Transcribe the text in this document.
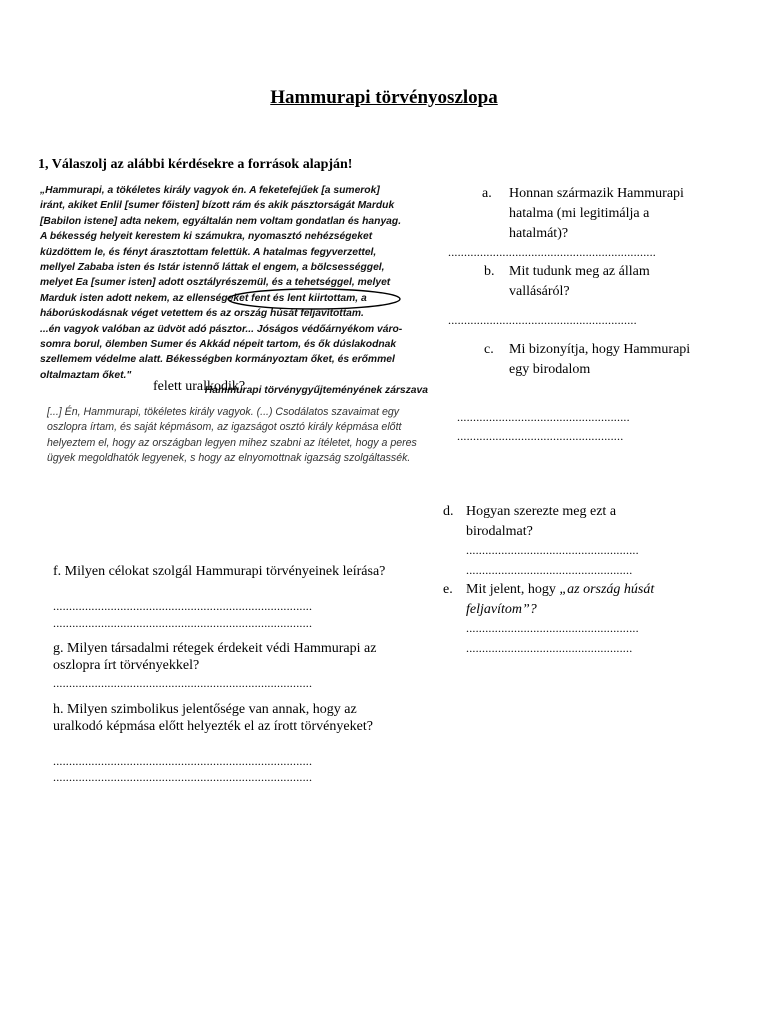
Hammurapi törvényoszlopa
1, Válaszolj az alábbi kérdésekre a források alapján!
„Hammurapi, a tökéletes király vagyok én. A feketefejűek [a sumerok]
iránt, akiket Enlil [sumer főisten] bízott rám és akik pásztorságát Marduk
[Babilon istene] adta nekem, egyáltalán nem voltam gondatlan és hanyag.
A békesség helyeit kerestem ki számukra, nyomasztó nehézségeket
küzdöttem le, és fényt árasztottam felettük. A hatalmas fegyverzettel,
mellyel Zababa isten és Istár istennő láttak el engem, a bölcsességgel,
melyet Ea [sumer isten] adott osztályrészemül, és a tehetséggel, melyet
Marduk isten adott nekem, az ellenségeket fent és lent kiirtottam, a
háborúskodásnak véget vetettem és az ország húsát feljavítottam.
...én vagyok valóban az üdvöt adó pásztor... Jóságos védőárnyékom váro-
somra borul, ölemben Sumer és Akkád népeit tartom, és ők dúslakodnak
szellemem védelme alatt. Békességben kormányoztam őket, és erőmmel
oltalmaztam őket."
Hammurapi törvénygyűjteményének zárszava
felett uralkodik?
[...] Én, Hammurapi, tökéletes király vagyok. (...) Csodálatos szavaimat egy oszlopra írtam, és saját képmásom, az igazságot osztó király képmása előtt helyeztem el, hogy az országban legyen mihez szabni az ítéletet, hogy a peres ügyek megoldhatók legyenek, s hogy az elnyomottnak igazság szolgáltassék.
a. Honnan származik Hammurapi hatalma (mi legitimálja a hatalmát)?
.................................................................
b. Mit tudunk meg az állam vallásáról?
...........................................................
c. Mi bizonyítja, hogy Hammurapi egy birodalom
......................................................
....................................................
d. Hogyan szerezte meg ezt a birodalmat?
......................................................
....................................................
e. Mit jelent, hogy „az ország húsát feljavítom”?
......................................................
....................................................
f. Milyen célokat szolgál Hammurapi törvényeinek leírása?
.................................................................................
.................................................................................
g. Milyen társadalmi rétegek érdekeit védi Hammurapi az oszlopra írt törvényekkel?
.................................................................................
h. Milyen szimbolikus jelentősége van annak, hogy az uralkodó képmása előtt helyezték el az írott törvényeket?
.................................................................................
.................................................................................
